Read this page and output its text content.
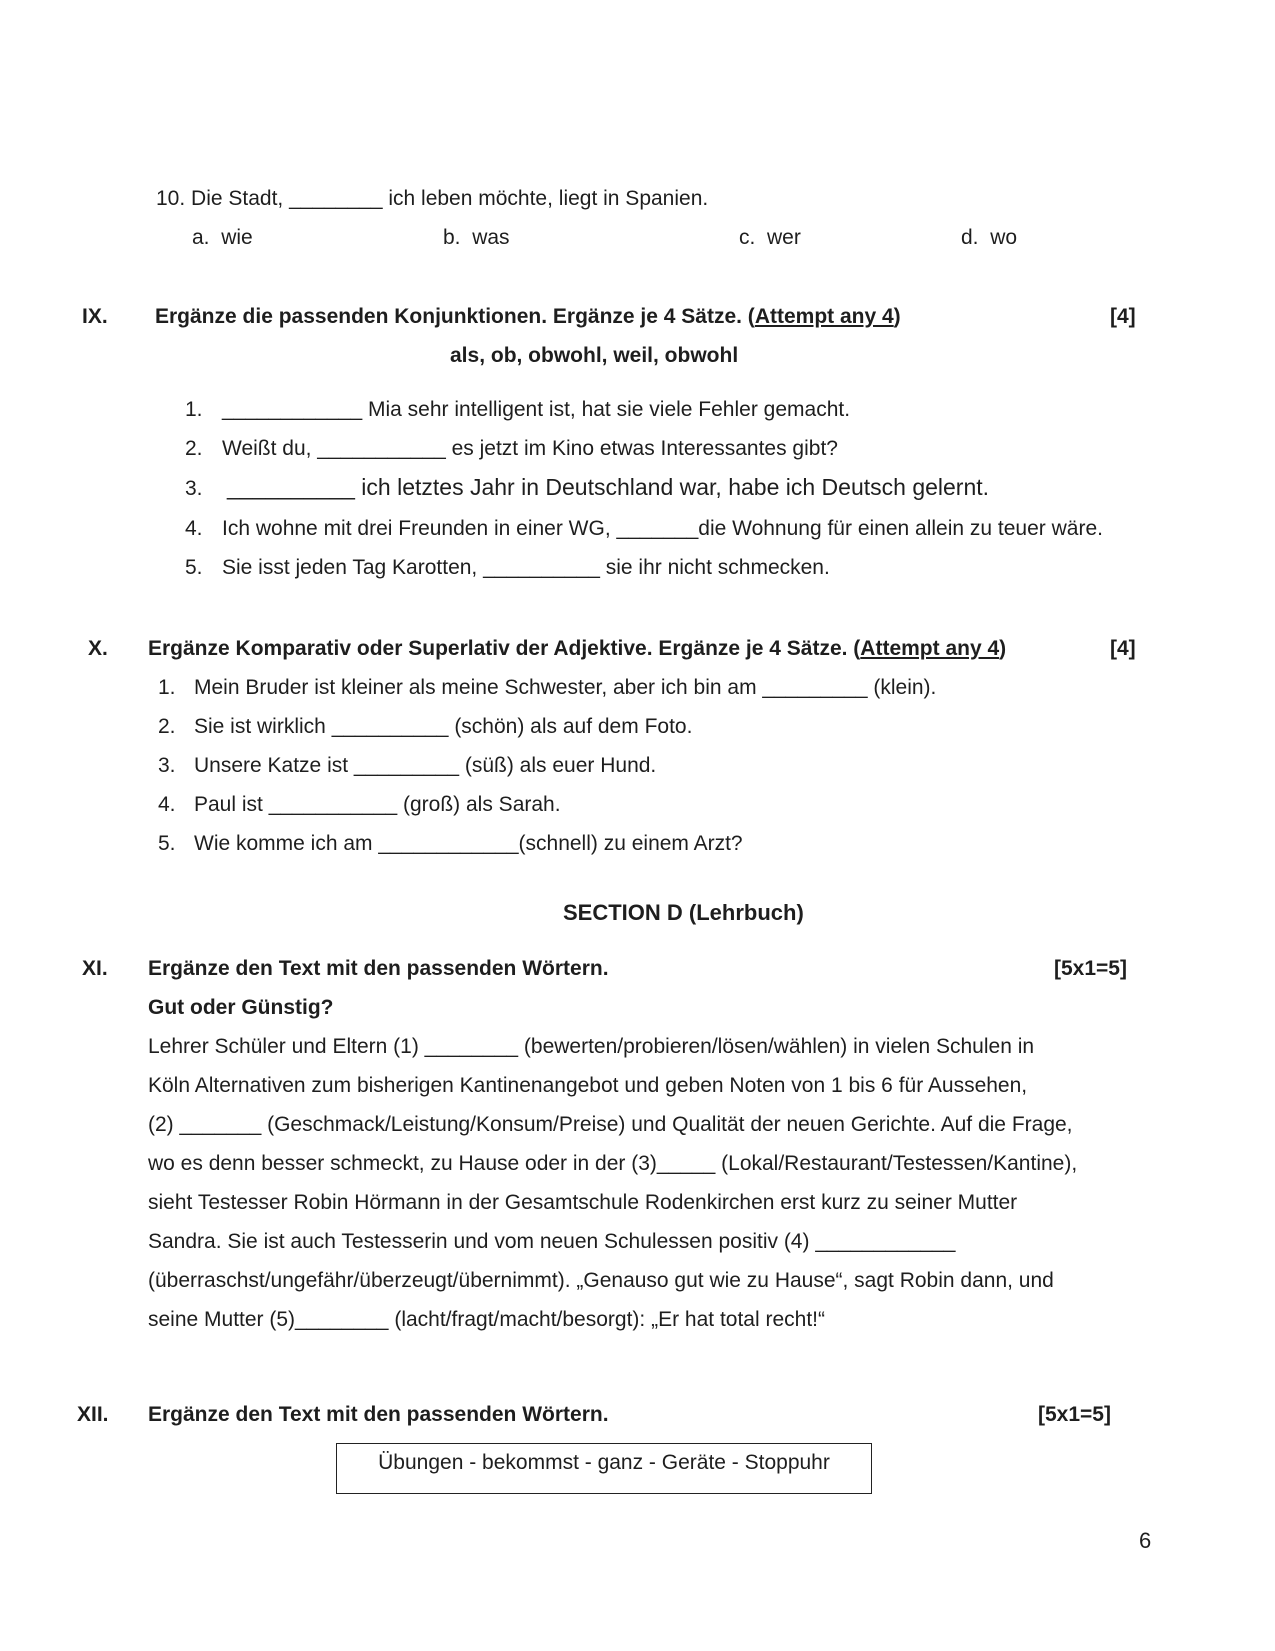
10. Die Stadt, ________ ich leben möchte, liegt in Spanien.
a. wie	b. was	c. wer	d. wo
IX. Ergänze die passenden Konjunktionen. Ergänze je 4 Sätze. (Attempt any 4)	[4]
als, ob, obwohl, weil, obwohl
1. ____________ Mia sehr intelligent ist, hat sie viele Fehler gemacht.
2. Weißt du, ___________ es jetzt im Kino etwas Interessantes gibt?
3. __________ ich letztes Jahr in Deutschland war, habe ich Deutsch gelernt.
4. Ich wohne mit drei Freunden in einer WG, _______die Wohnung für einen allein zu teuer wäre.
5. Sie isst jeden Tag Karotten, __________ sie ihr nicht schmecken.
X. Ergänze Komparativ oder Superlativ der Adjektive. Ergänze je 4 Sätze. (Attempt any 4)	[4]
1. Mein Bruder ist kleiner als meine Schwester, aber ich bin am _________ (klein).
2. Sie ist wirklich __________ (schön) als auf dem Foto.
3. Unsere Katze ist _________ (süß) als euer Hund.
4. Paul ist ___________ (groß) als Sarah.
5. Wie komme ich am ____________(schnell) zu einem Arzt?
SECTION D (Lehrbuch)
XI. Ergänze den Text mit den passenden Wörtern.	[5x1=5]
Gut oder Günstig?
Lehrer Schüler und Eltern (1) ________ (bewerten/probieren/lösen/wählen) in vielen Schulen in
Köln Alternativen zum bisherigen Kantinenangebot und geben Noten von 1 bis 6 für Aussehen,
(2) _______ (Geschmack/Leistung/Konsum/Preise) und Qualität der neuen Gerichte. Auf die Frage,
wo es denn besser schmeckt, zu Hause oder in der (3)_____ (Lokal/Restaurant/Testessen/Kantine),
sieht Testesser Robin Hörmann in der Gesamtschule Rodenkirchen erst kurz zu seiner Mutter
Sandra. Sie ist auch Testesserin und vom neuen Schulessen positiv (4) ____________
(überraschst/ungefähr/überzeugt/übernimmt). „Genauso gut wie zu Hause“, sagt Robin dann, und
seine Mutter (5)________ (lacht/fragt/macht/besorgt): „Er hat total recht!“
XII. Ergänze den Text mit den passenden Wörtern.	[5x1=5]
Übungen - bekommst - ganz - Geräte - Stoppuhr
6
